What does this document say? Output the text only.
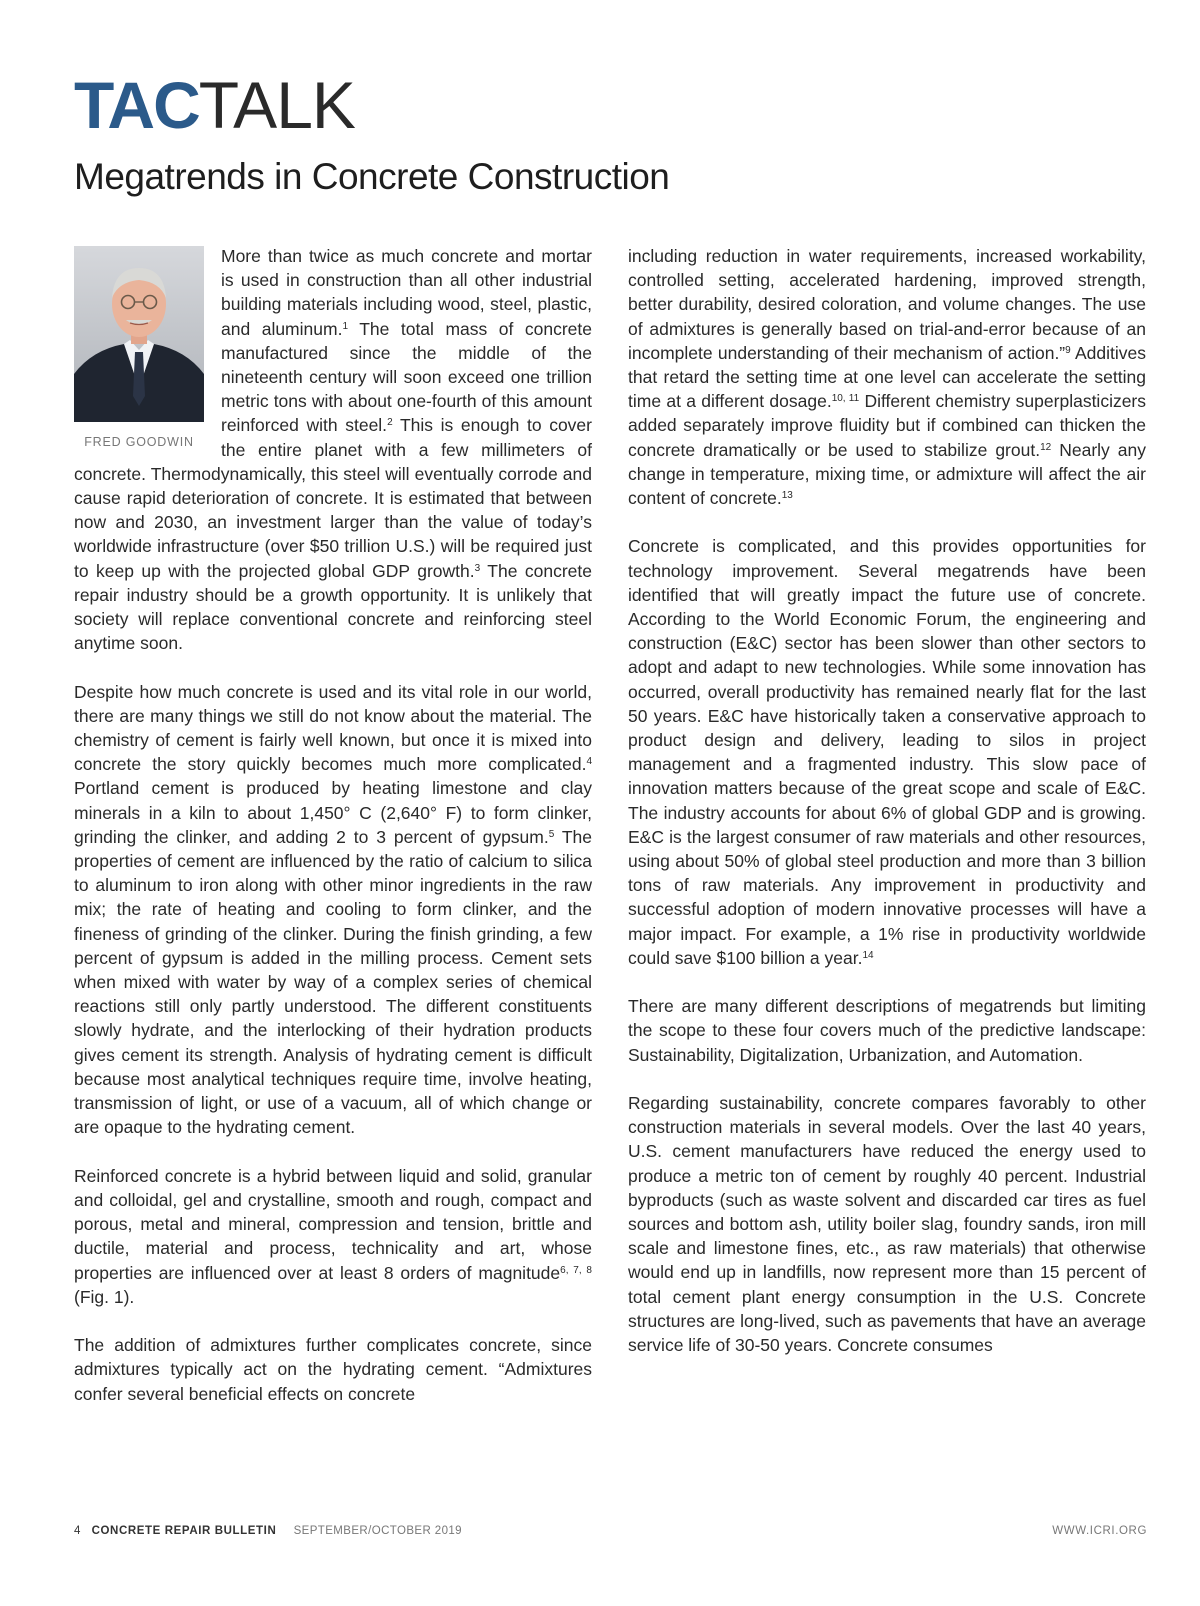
TACTALK
Megatrends in Concrete Construction
FRED GOODWIN

More than twice as much concrete and mortar is used in construction than all other industrial building materials including wood, steel, plastic, and aluminum.$^1$ The total mass of concrete manufactured since the middle of the nineteenth century will soon exceed one trillion metric tons with about one-fourth of this amount reinforced with steel.$^2$ This is enough to cover the entire planet with a few millimeters of concrete. Thermodynamically, this steel will eventually corrode and cause rapid deterioration of concrete. It is estimated that between now and 2030, an investment larger than the value of today’s worldwide infrastructure (over $50 trillion U.S.) will be required just to keep up with the projected global GDP growth.$^3$ The concrete repair industry should be a growth opportunity. It is unlikely that society will replace conventional concrete and reinforcing steel anytime soon.

Despite how much concrete is used and its vital role in our world, there are many things we still do not know about the material. The chemistry of cement is fairly well known, but once it is mixed into concrete the story quickly becomes much more complicated.$^4$ Portland cement is produced by heating limestone and clay minerals in a kiln to about 1,450° C (2,640° F) to form clinker, grinding the clinker, and adding 2 to 3 percent of gypsum.$^5$ The properties of cement are influenced by the ratio of calcium to silica to aluminum to iron along with other minor ingredients in the raw mix; the rate of heating and cooling to form clinker, and the fineness of grinding of the clinker. During the finish grinding, a few percent of gypsum is added in the milling process. Cement sets when mixed with water by way of a complex series of chemical reactions still only partly understood. The different constituents slowly hydrate, and the interlocking of their hydration products gives cement its strength. Analysis of hydrating cement is difficult because most analytical techniques require time, involve heating, transmission of light, or use of a vacuum, all of which change or are opaque to the hydrating cement.

Reinforced concrete is a hybrid between liquid and solid, granular and colloidal, gel and crystalline, smooth and rough, compact and porous, metal and mineral, compression and tension, brittle and ductile, material and process, technicality and art, whose properties are influenced over at least 8 orders of magnitude$^{6, 7, 8}$ (Fig. 1).

The addition of admixtures further complicates concrete, since admixtures typically act on the hydrating cement. “Admixtures confer several beneficial effects on concrete

including reduction in water requirements, increased workability, controlled setting, accelerated hardening, improved strength, better durability, desired coloration, and volume changes. The use of admixtures is generally based on trial-and-error because of an incomplete understanding of their mechanism of action.”$^9$ Additives that retard the setting time at one level can accelerate the setting time at a different dosage.$^{10, 11}$ Different chemistry superplasticizers added separately improve fluidity but if combined can thicken the concrete dramatically or be used to stabilize grout.$^{12}$ Nearly any change in temperature, mixing time, or admixture will affect the air content of concrete.$^{13}$

Concrete is complicated, and this provides opportunities for technology improvement. Several megatrends have been identified that will greatly impact the future use of concrete. According to the World Economic Forum, the engineering and construction (E&C) sector has been slower than other sectors to adopt and adapt to new technologies. While some innovation has occurred, overall productivity has remained nearly flat for the last 50 years. E&C have historically taken a conservative approach to product design and delivery, leading to silos in project management and a fragmented industry. This slow pace of innovation matters because of the great scope and scale of E&C. The industry accounts for about 6% of global GDP and is growing. E&C is the largest consumer of raw materials and other resources, using about 50% of global steel production and more than 3 billion tons of raw materials. Any improvement in productivity and successful adoption of modern innovative processes will have a major impact. For example, a 1% rise in productivity worldwide could save $100 billion a year.$^{14}$

There are many different descriptions of megatrends but limiting the scope to these four covers much of the predictive landscape: Sustainability, Digitalization, Urbanization, and Automation.

Regarding sustainability, concrete compares favorably to other construction materials in several models. Over the last 40 years, U.S. cement manufacturers have reduced the energy used to produce a metric ton of cement by roughly 40 percent. Industrial byproducts (such as waste solvent and discarded car tires as fuel sources and bottom ash, utility boiler slag, foundry sands, iron mill scale and limestone fines, etc., as raw materials) that otherwise would end up in landfills, now represent more than 15 percent of total cement plant energy consumption in the U.S. Concrete structures are long-lived, such as pavements that have an average service life of 30-50 years. Concrete consumes

4 CONCRETE REPAIR BULLETIN SEPTEMBER/OCTOBER 2019	WWW.ICRI.ORG
